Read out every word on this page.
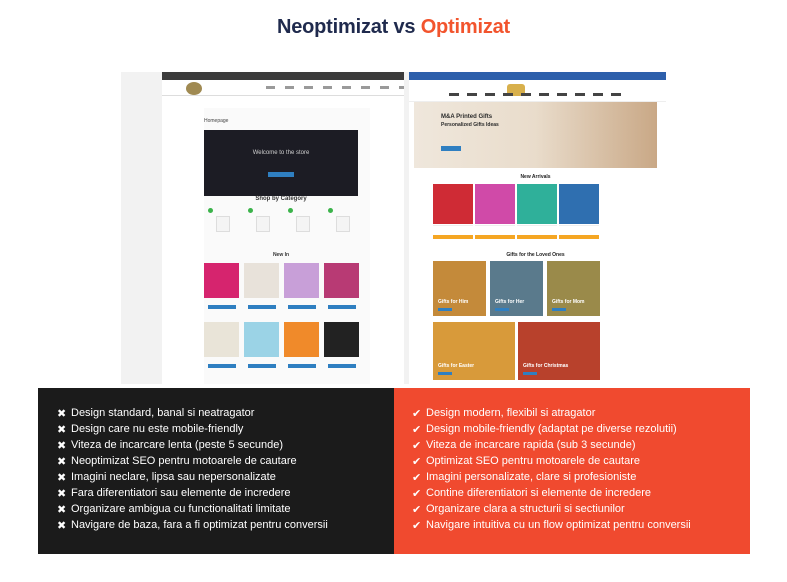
Neoptimizat vs Optimizat
Homepage
Welcome to the store
Shop by Category
New In
M&A Printed Gifts
Personalized Gifts Ideas
New Arrivals
Gifts for the Loved Ones
Gifts for Him	Gifts for Her	Gifts for Mom
Gifts for Easter	Gifts for Christmas
✖ Design standard, banal si neatragator
✖ Design care nu este mobile-friendly
✖ Viteza de incarcare lenta (peste 5 secunde)
✖ Neoptimizat SEO pentru motoarele de cautare
✖ Imagini neclare, lipsa sau nepersonalizate
✖ Fara diferentiatori sau elemente de incredere
✖ Organizare ambigua cu functionalitati limitate
✖ Navigare de baza, fara a fi optimizat pentru conversii
✔ Design modern, flexibil si atragator
✔ Design mobile-friendly (adaptat pe diverse rezolutii)
✔ Viteza de incarcare rapida (sub 3 secunde)
✔ Optimizat SEO pentru motoarele de cautare
✔ Imagini personalizate, clare si profesioniste
✔ Contine diferentiatori si elemente de incredere
✔ Organizare clara a structurii si sectiunilor
✔ Navigare intuitiva cu un flow optimizat pentru conversii
